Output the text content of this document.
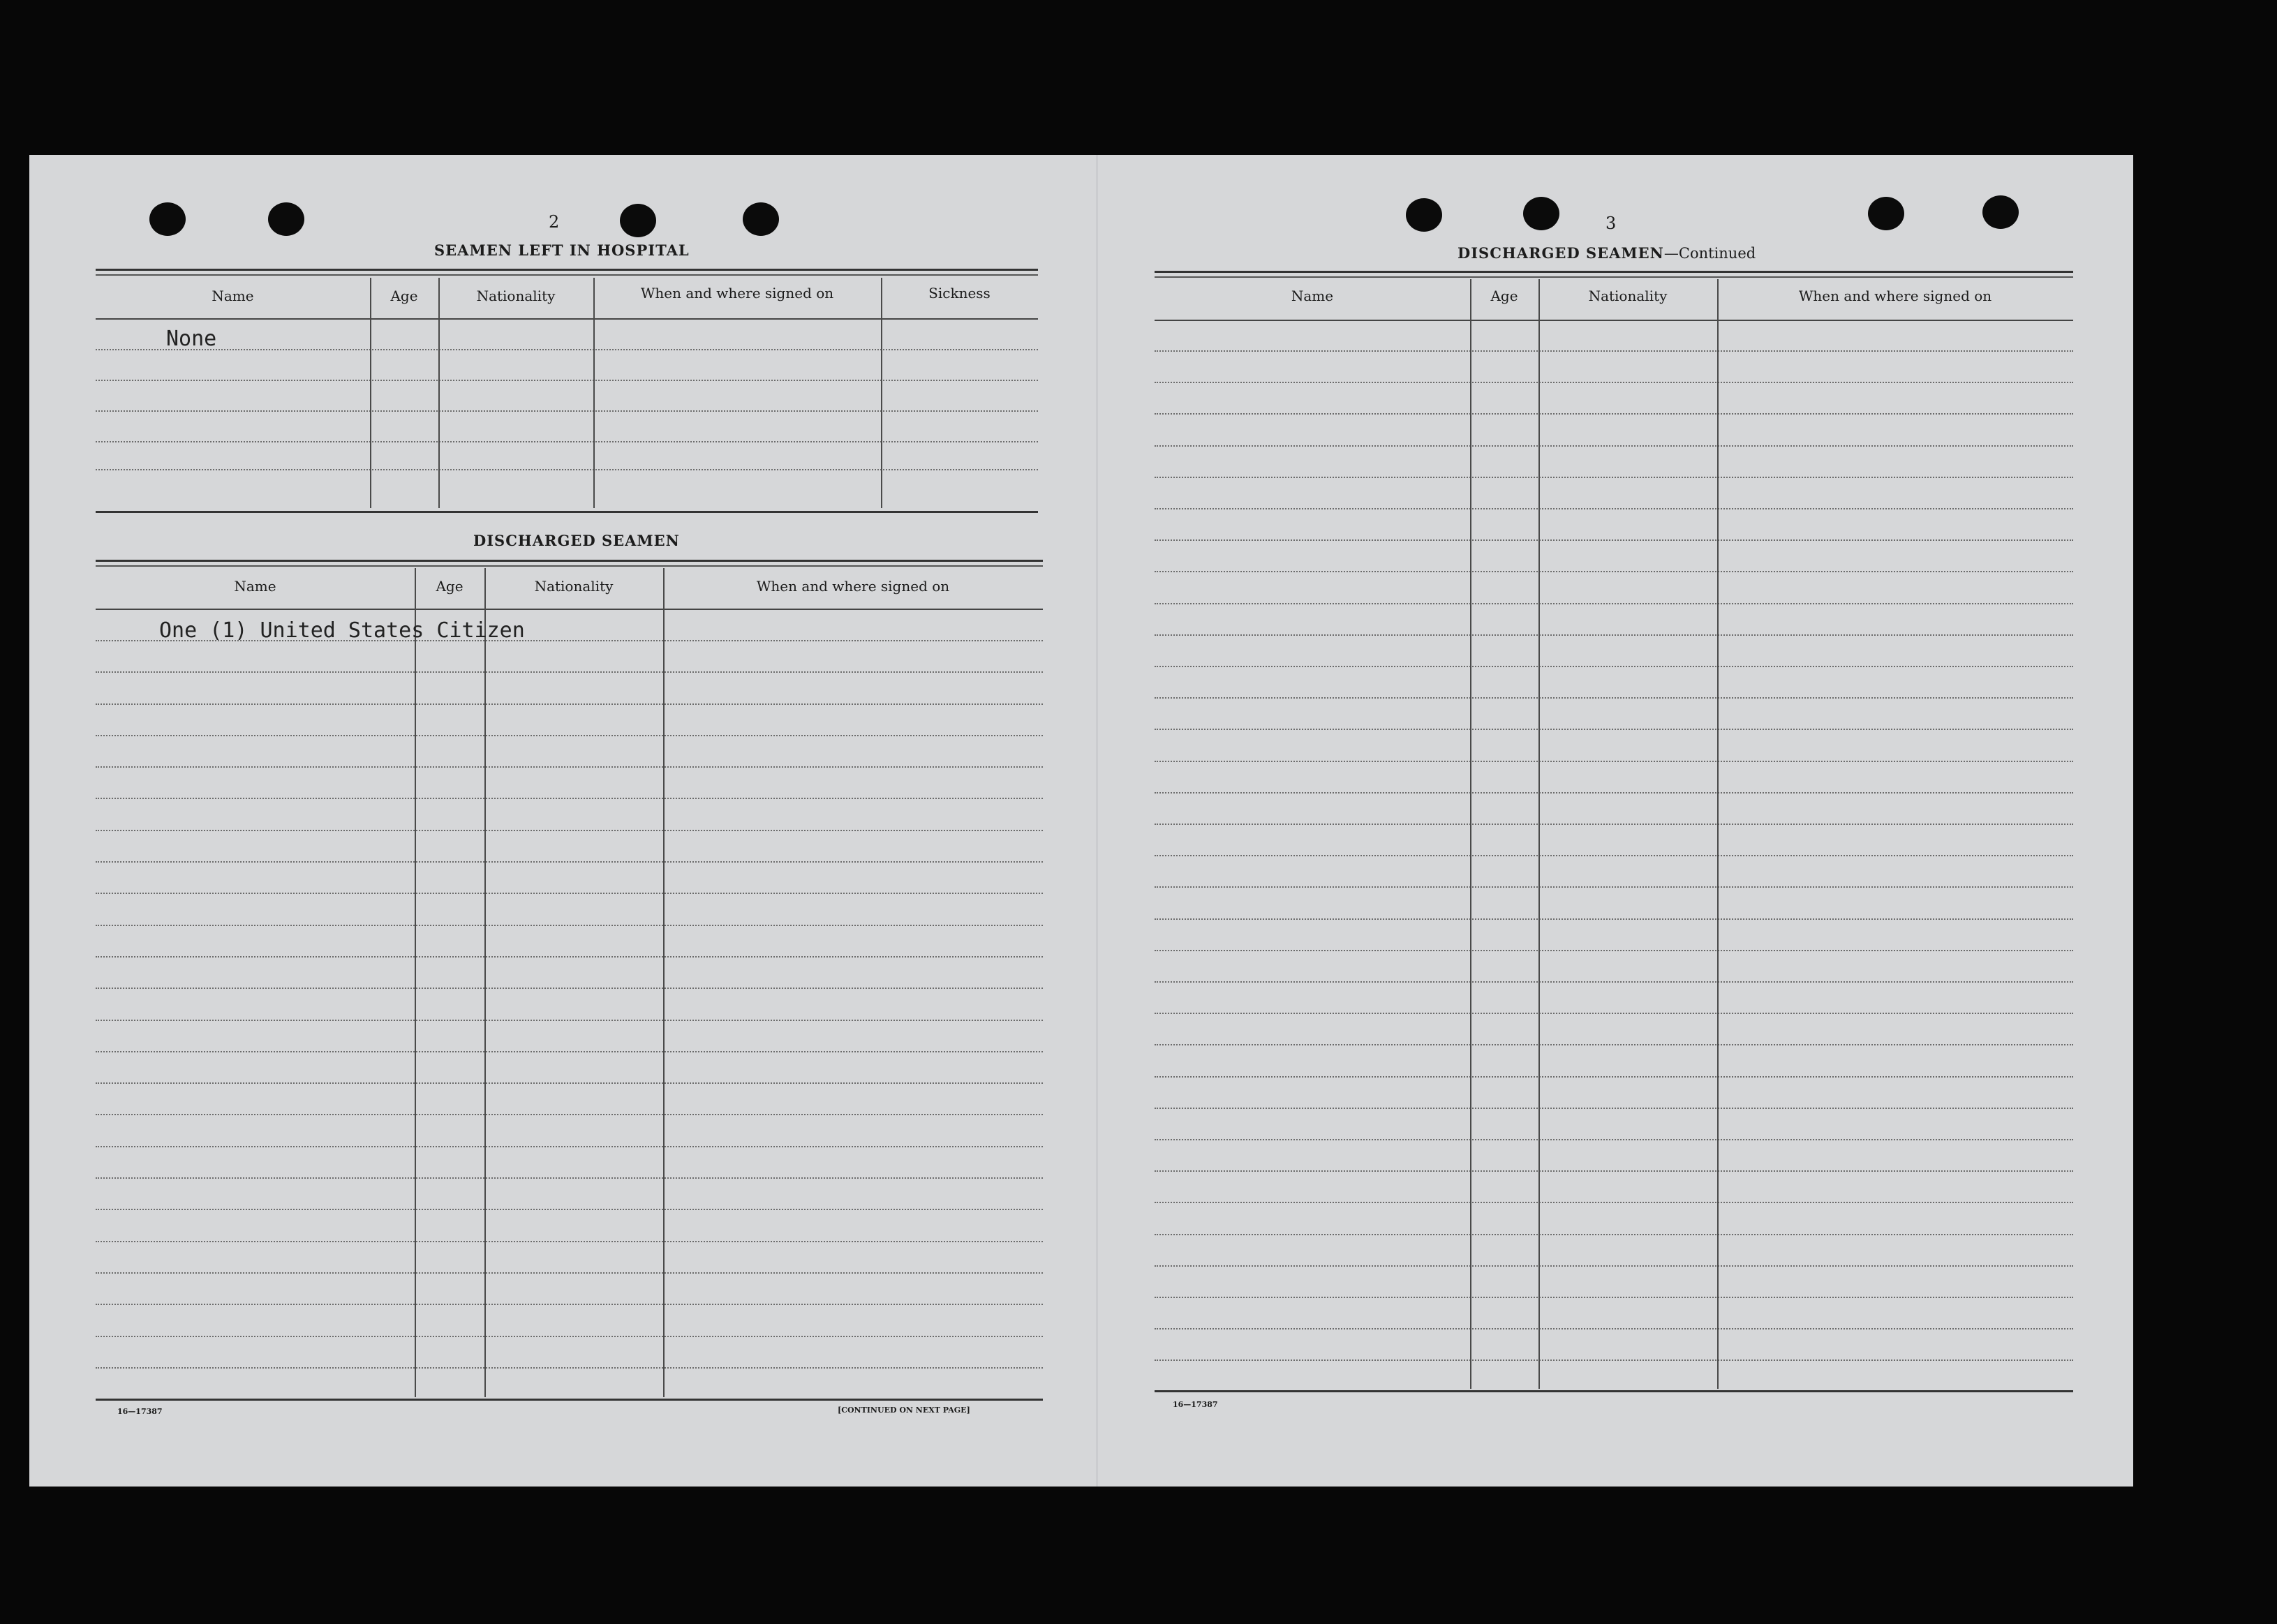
2
SEAMEN LEFT IN HOSPITAL
Name	Age	Nationality	When and where signed on	Sickness
None
DISCHARGED SEAMEN
Name	Age	Nationality	When and where signed on
One (1) United States Citizen
16—17387	[CONTINUED ON NEXT PAGE]
3
DISCHARGED SEAMEN—Continued
Name	Age	Nationality	When and where signed on
16—17387
